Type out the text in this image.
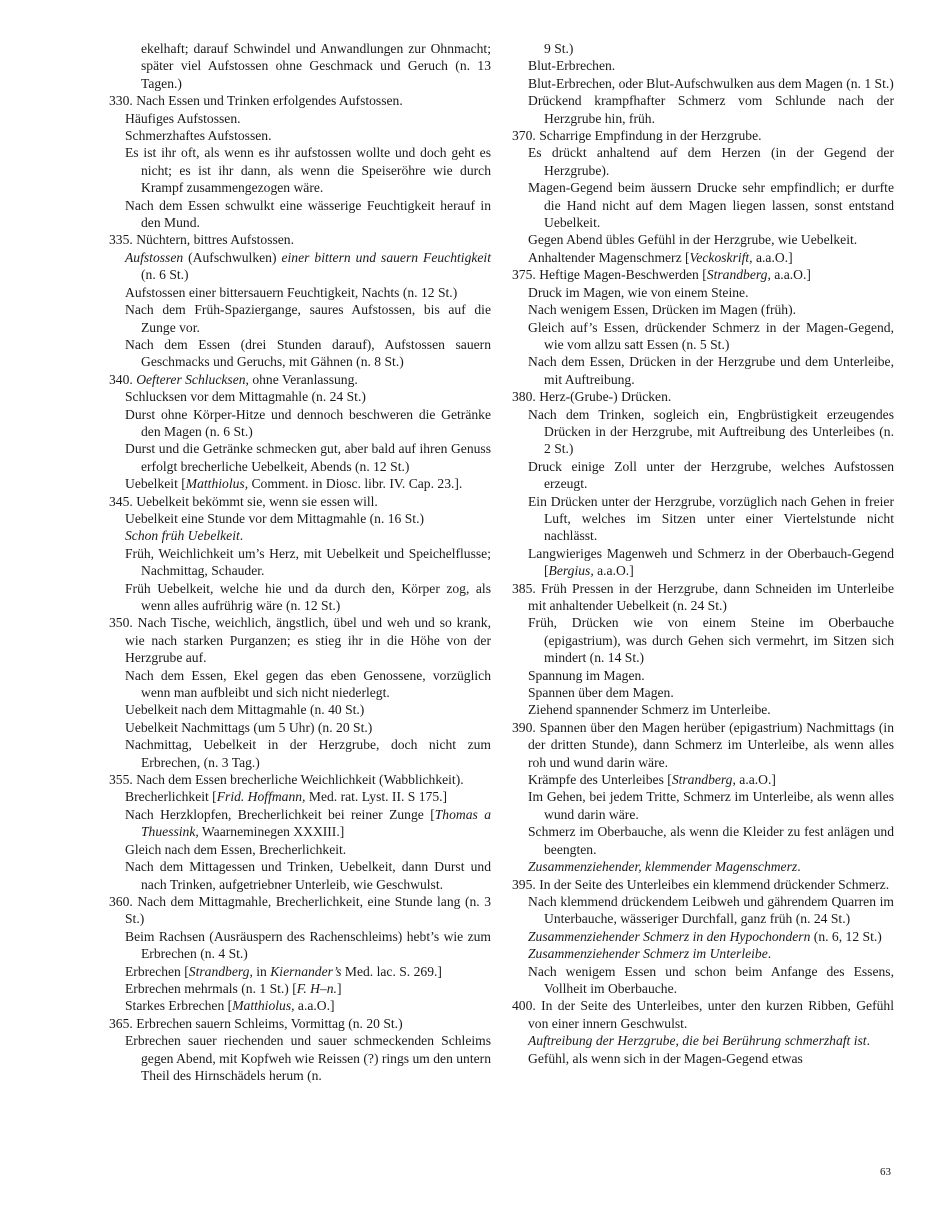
ekelhaft; darauf Schwindel und Anwandlungen zur Ohnmacht; später viel Aufstossen ohne Geschmack und Geruch (n. 13 Tagen.)
330. Nach Essen und Trinken erfolgendes Aufstossen.
Häufiges Aufstossen.
Schmerzhaftes Aufstossen.
Es ist ihr oft, als wenn es ihr aufstossen wollte und doch geht es nicht; es ist ihr dann, als wenn die Speiseröhre wie durch Krampf zusammengezogen wäre.
Nach dem Essen schwulkt eine wässerige Feuchtigkeit herauf in den Mund.
335. Nüchtern, bittres Aufstossen.
Aufstossen (Aufschwulken) einer bittern und sauern Feuchtigkeit (n. 6 St.)
Aufstossen einer bittersauern Feuchtigkeit, Nachts (n. 12 St.)
Nach dem Früh-Spaziergange, saures Aufstossen, bis auf die Zunge vor.
Nach dem Essen (drei Stunden darauf), Aufstossen sauern Geschmacks und Geruchs, mit Gähnen (n. 8 St.)
340. Oefterer Schlucksen, ohne Veranlassung.
Schlucksen vor dem Mittagmahle (n. 24 St.)
Durst ohne Körper-Hitze und dennoch beschweren die Getränke den Magen (n. 6 St.)
Durst und die Getränke schmecken gut, aber bald auf ihren Genuss erfolgt brecherliche Uebelkeit, Abends (n. 12 St.)
Uebelkeit [Matthiolus, Comment. in Diosc. libr. IV. Cap. 23.].
345. Uebelkeit bekömmt sie, wenn sie essen will.
Uebelkeit eine Stunde vor dem Mittagmahle (n. 16 St.)
Schon früh Uebelkeit.
Früh, Weichlichkeit um’s Herz, mit Uebelkeit und Speichelflusse; Nachmittag, Schauder.
Früh Uebelkeit, welche hie und da durch den, Körper zog, als wenn alles aufrührig wäre (n. 12 St.)
350. Nach Tische, weichlich, ängstlich, übel und weh und so krank, wie nach starken Purganzen; es stieg ihr in die Höhe von der Herzgrube auf.
Nach dem Essen, Ekel gegen das eben Genossene, vorzüglich wenn man aufbleibt und sich nicht niederlegt.
Uebelkeit nach dem Mittagmahle (n. 40 St.)
Uebelkeit Nachmittags (um 5 Uhr) (n. 20 St.)
Nachmittag, Uebelkeit in der Herzgrube, doch nicht zum Erbrechen, (n. 3 Tag.)
355. Nach dem Essen brecherliche Weichlichkeit (Wabblichkeit).
Brecherlichkeit [Frid. Hoffmann, Med. rat. Lyst. II. S 175.]
Nach Herzklopfen, Brecherlichkeit bei reiner Zunge [Thomas a Thuessink, Waarneminegen XXXIII.]
Gleich nach dem Essen, Brecherlichkeit.
Nach dem Mittagessen und Trinken, Uebelkeit, dann Durst und nach Trinken, aufgetriebner Unterleib, wie Geschwulst.
360. Nach dem Mittagmahle, Brecherlichkeit, eine Stunde lang (n. 3 St.)
Beim Rachsen (Ausräuspern des Rachenschleims) hebt’s wie zum Erbrechen (n. 4 St.)
Erbrechen [Strandberg, in Kiernander’s Med. lac. S. 269.]
Erbrechen mehrmals (n. 1 St.) [F. H–n.]
Starkes Erbrechen [Matthiolus, a.a.O.]
365. Erbrechen sauern Schleims, Vormittag (n. 20 St.)
Erbrechen sauer riechenden und sauer schmeckenden Schleims gegen Abend, mit Kopfweh wie Reissen (?) rings um den untern Theil des Hirnschädels herum (n.
9 St.)
Blut-Erbrechen.
Blut-Erbrechen, oder Blut-Aufschwulken aus dem Magen (n. 1 St.)
Drückend krampfhafter Schmerz vom Schlunde nach der Herzgrube hin, früh.
370. Scharrige Empfindung in der Herzgrube.
Es drückt anhaltend auf dem Herzen (in der Gegend der Herzgrube).
Magen-Gegend beim äussern Drucke sehr empfindlich; er durfte die Hand nicht auf dem Magen liegen lassen, sonst entstand Uebelkeit.
Gegen Abend übles Gefühl in der Herzgrube, wie Uebelkeit.
Anhaltender Magenschmerz [Veckoskrift, a.a.O.]
375. Heftige Magen-Beschwerden [Strandberg, a.a.O.]
Druck im Magen, wie von einem Steine.
Nach wenigem Essen, Drücken im Magen (früh).
Gleich auf’s Essen, drückender Schmerz in der Magen-Gegend, wie vom allzu satt Essen (n. 5 St.)
Nach dem Essen, Drücken in der Herzgrube und dem Unterleibe, mit Auftreibung.
380. Herz-(Grube-) Drücken.
Nach dem Trinken, sogleich ein, Engbrüstigkeit erzeugendes Drücken in der Herzgrube, mit Auftreibung des Unterleibes (n. 2 St.)
Druck einige Zoll unter der Herzgrube, welches Aufstossen erzeugt.
Ein Drücken unter der Herzgrube, vorzüglich nach Gehen in freier Luft, welches im Sitzen unter einer Viertelstunde nicht nachlässt.
Langwieriges Magenweh und Schmerz in der Oberbauch-Gegend [Bergius, a.a.O.]
385. Früh Pressen in der Herzgrube, dann Schneiden im Unterleibe mit anhaltender Uebelkeit (n. 24 St.)
Früh, Drücken wie von einem Steine im Oberbauche (epigastrium), was durch Gehen sich vermehrt, im Sitzen sich mindert (n. 14 St.)
Spannung im Magen.
Spannen über dem Magen.
Ziehend spannender Schmerz im Unterleibe.
390. Spannen über den Magen herüber (epigastrium) Nachmittags (in der dritten Stunde), dann Schmerz im Unterleibe, als wenn alles roh und wund darin wäre.
Krämpfe des Unterleibes [Strandberg, a.a.O.]
Im Gehen, bei jedem Tritte, Schmerz im Unterleibe, als wenn alles wund darin wäre.
Schmerz im Oberbauche, als wenn die Kleider zu fest anlägen und beengten.
Zusammenziehender, klemmender Magenschmerz.
395. In der Seite des Unterleibes ein klemmend drückender Schmerz.
Nach klemmend drückendem Leibweh und gährendem Quarren im Unterbauche, wässeriger Durchfall, ganz früh (n. 24 St.)
Zusammenziehender Schmerz in den Hypochondern (n. 6, 12 St.)
Zusammenziehender Schmerz im Unterleibe.
Nach wenigem Essen und schon beim Anfange des Essens, Vollheit im Oberbauche.
400. In der Seite des Unterleibes, unter den kurzen Ribben, Gefühl von einer innern Geschwulst.
Auftreibung der Herzgrube, die bei Berührung schmerzhaft ist.
Gefühl, als wenn sich in der Magen-Gegend etwas
63
